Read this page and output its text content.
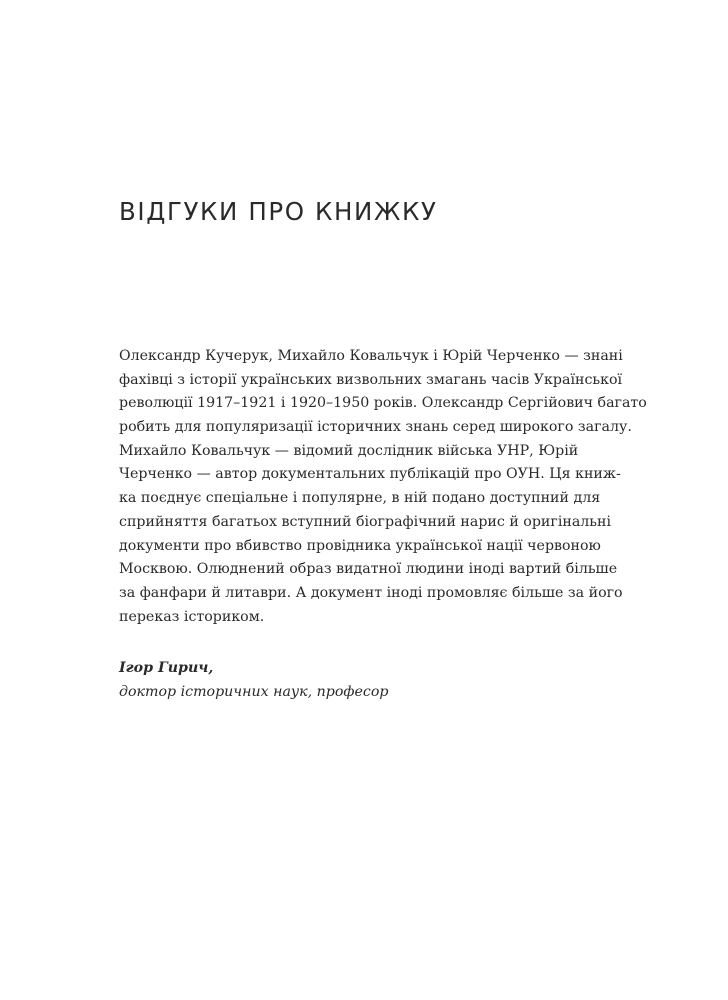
ВІДГУКИ ПРО КНИЖКУ
Олександр Кучерук, Михайло Ковальчук і Юрій Черченко — знані
фахівці з історії українських визвольних змагань часів Української
революції 1917–1921 і 1920–1950 років. Олександр Сергійович багато
робить для популяризації історичних знань серед широкого загалу.
Михайло Ковальчук — відомий дослідник війська УНР, Юрій
Черченко — автор документальних публікацій про ОУН. Ця книж-
ка поєднує спеціальне і популярне, в ній подано доступний для
сприйняття багатьох вступний біографічний нарис й оригінальні
документи про вбивство провідника української нації червоною
Москвою. Олюднений образ видатної людини іноді вартий більше
за фанфари й литаври. А документ іноді промовляє більше за його
переказ істориком.
Ігор Гирич,
доктор історичних наук, професор
